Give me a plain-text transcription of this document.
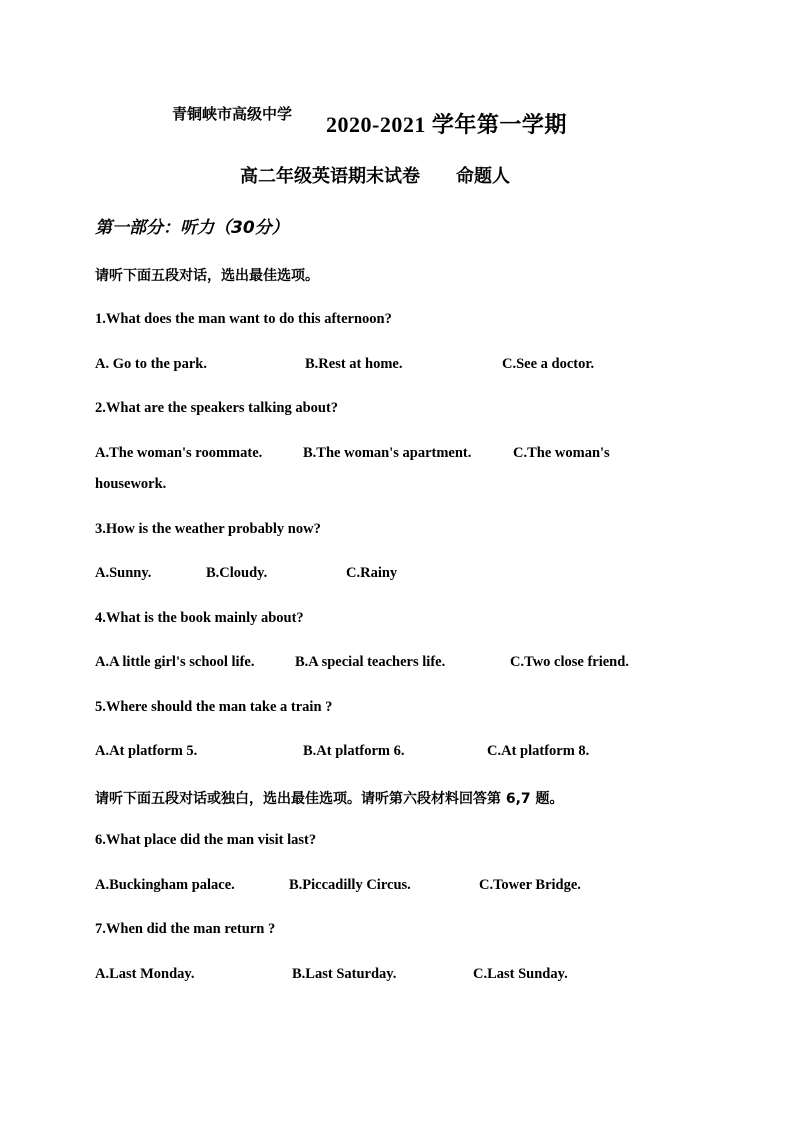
青铜峡市高级中学 2020-2021 学年第一学期
高二年级英语期末试卷　　命题人
第一部分：听力（30分）
请听下面五段对话，选出最佳选项。
1.What does the man want to do this afternoon?
A. Go to the park.	B.Rest at home.	C.See a doctor.
2.What are the speakers talking about?
A.The woman's roommate.	B.The woman's apartment.	C.The woman's
housework.
3.How is the weather probably now?
A.Sunny.	B.Cloudy.	C.Rainy
4.What is the book mainly about?
A.A little girl's school life.	B.A special teachers life.	C.Two close friend.
5.Where should the man take a train ?
A.At platform 5.	B.At platform 6.	C.At platform 8.
请听下面五段对话或独白，选出最佳选项。请听第六段材料回答第 6,7 题。
6.What place did the man visit last?
A.Buckingham palace.	B.Piccadilly Circus.	C.Tower Bridge.
7.When did the man return ?
A.Last Monday.	B.Last Saturday.	C.Last Sunday.
